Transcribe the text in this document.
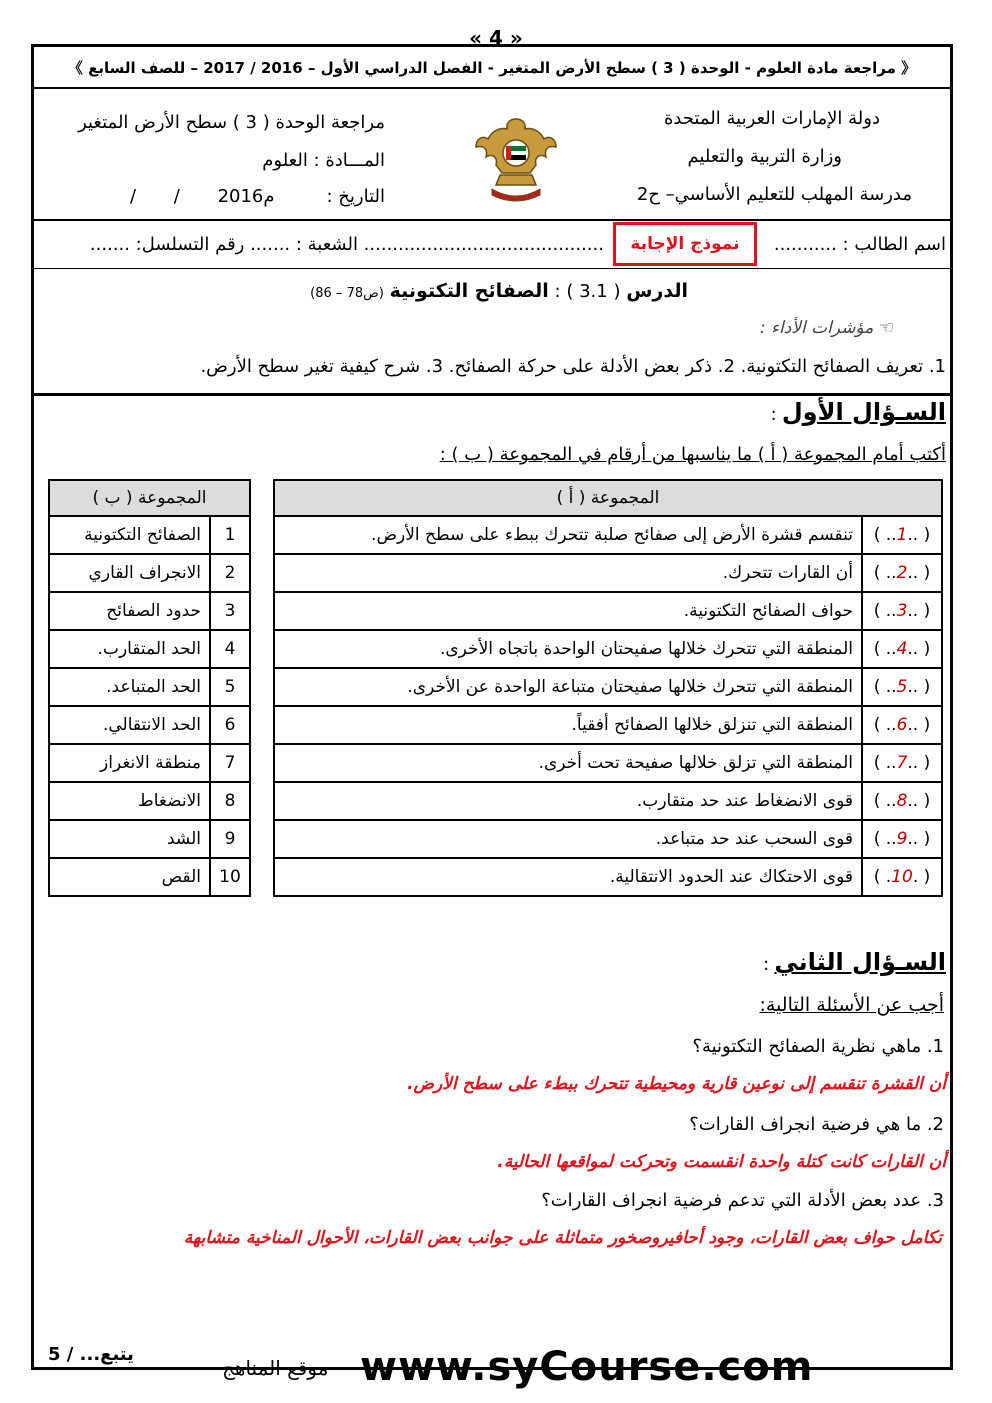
« 4 »
《 مراجعة مادة العلوم - الوحدة ( 3 ) سطح الأرض المتغير - الفصل الدراسي الأول – 2016 / 2017 – للصف السابع 》
دولة الإمارات العربية المتحدة
وزارة التربية والتعليم
مدرسة المهلب للتعليم الأساسي– ح2
مراجعة الوحدة ( 3 ) سطح الأرض المتغير
المـــادة : العلوم
التاريخ :
/ / 2016م
اسم الطالب : ...........
نموذج الإجابة
.......................................... الشعبة : ....... رقم التسلسل: .......
الدرس ( 3.1 ) : الصفائح التكتونية (ص78 – 86)
☜ مؤشرات الأداء :
1. تعريف الصفائح التكتونية. 2. ذكر بعض الأدلة على حركة الصفائح. 3. شرح كيفية تغير سطح الأرض.
السـؤال الأول :
أكتب أمام المجموعة ( أ ) ما يناسبها من أرقام في المجموعة ( ب ) :
المجموعة ( ب )	
1	الصفائح التكتونية
2	الانجراف القاري
3	حدود الصفائح
4	الحد المتقارب.
5	الحد المتباعد.
6	الحد الانتقالي.
7	منطقة الانغراز
8	الانضغاط
9	الشد
10	القص
المجموعة ( أ )	
( ..1.. )	تنقسم قشرة الأرض إلى صفائح صلبة تتحرك ببطء على سطح الأرض.
( ..2.. )	أن القارات تتحرك.
( ..3.. )	حواف الصفائح التكتونية.
( ..4.. )	المنطقة التي تتحرك خلالها صفيحتان الواحدة باتجاه الأخرى.
( ..5.. )	المنطقة التي تتحرك خلالها صفيحتان متباعة الواحدة عن الأخرى.
( ..6.. )	المنطقة التي تنزلق خلالها الصفائح أفقياً.
( ..7.. )	المنطقة التي تزلق خلالها صفيحة تحت أخرى.
( ..8.. )	قوى الانضغاط عند حد متقارب.
( ..9.. )	قوى السحب عند حد متباعد.
( .10. )	قوى الاحتكاك عند الحدود الانتقالية.
السـؤال الثاني :
أجب عن الأسئلة التالية:
1. ماهي نظرية الصفائح التكتونية؟
أن القشرة تنقسم إلى نوعين قارية ومحيطية تتحرك ببطء على سطح الأرض.
2. ما هي فرضية انجراف القارات؟
أن القارات كانت كتلة واحدة انقسمت وتحركت لمواقعها الحالية.
3. عدد بعض الأدلة التي تدعم فرضية انجراف القارات؟
تكامل حواف بعض القارات، وجود أحافيروصخور متماثلة على جوانب بعض القارات، الأحوال المناخية متشابهة
يتبع... / 5
موقع المناهج www.syCourse.com
